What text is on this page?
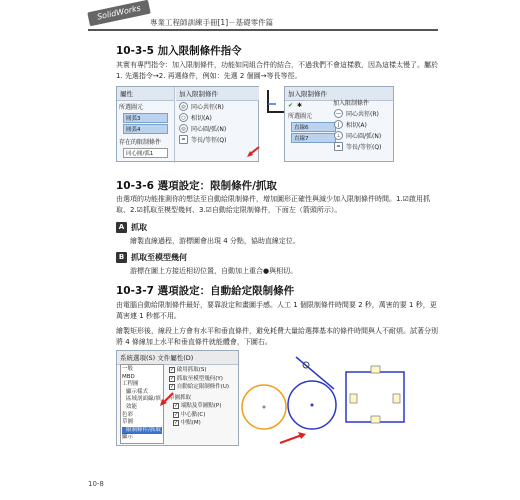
SolidWorks
專業工程師訓練手冊[1]－基礎零件篇
10-3-5 加入限制條件指令

其實有專門指令：加入限制條件，功能如同組合件的結合，不過我們不會這樣教，因為這樣太慢了。屬於 1. 先選指令→2. 再選條件，例如：先選 2 個圓→等長等徑。

屬性
所選圖元
圓弧3
圓弧4
存在的限制條件
同心圓/弧1
加入限制條件
◎ 同心共徑(R)
○ 相切(A)
◎ 同心圓/弧(N)
= 等長/等徑(Q)
加入限制條件
✔ ✱
所選圖元
直線6
直線7
加入限制條件
— 同心共徑(R)
|	相切(A)
⊥ 同心圓/弧(N)
= 等長/等徑(Q)
10-3-6 選項設定：限制條件/抓取

由選項的功能推測你的想法至自動給限制條件，增加圖形正確性與減少加入限制條件時間。1.☑啟用抓取、2.☑抓取至模型幾何、3.☑自動給定限制條件，下面左（箭頭所示）。

A 抓取

繪製直線過程，游標圖會出現 4 分點，協助直線定位。

B 抓取至模型幾何

游標在圖上方接近相切位置，自動加上重合●與相切。

10-3-7 選項設定：自動給定限制條件

由電腦自動給限制條件最好，要靠設定和畫圖手感。人工 1 個限制條件時間要 2 秒，萬害的要 1 秒，更萬害連 1 秒都不用。

繪製矩形後，線段上方會有水平和垂直條件，避免耗費大量給選擇基本的條件時間與人不耐煩。試著分別將 4 條線加上水平和垂直條件就能體會，下圖右。

系統選項(S) 文件屬性(D)
一般
MBD
工程圖
顯示樣式
區域剖面線/填
效能
色彩
草圖
限制條件/抓取
顯示
✓ 啟用抓取(S)
✓ 抓取至模型幾何(Y)
✓ 自動給定限制條件(U)
草圖抓取
✓ 端點及草圖點(P)
✓ 中心點(C)
✓ 中點(M)
10-8
